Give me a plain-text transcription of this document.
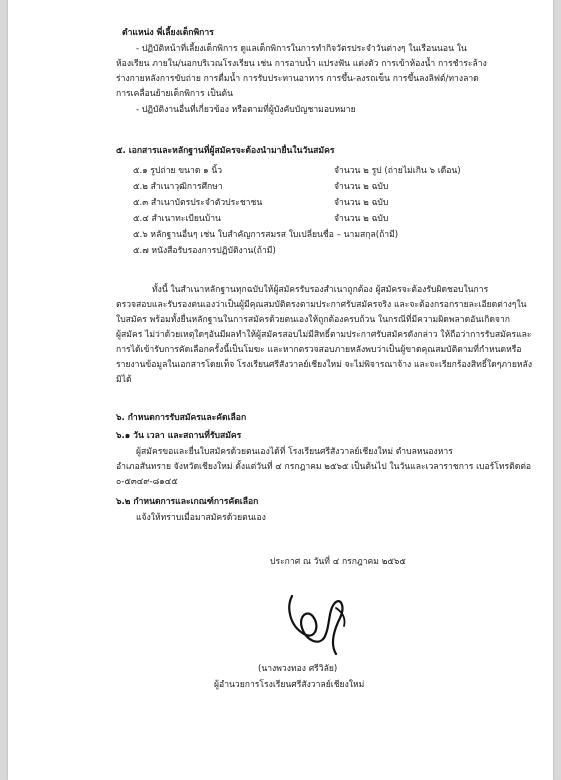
ตำแหน่ง พี่เลี้ยงเด็กพิการ
- ปฏิบัติหน้าที่เลี้ยงเด็กพิการ ดูแลเด็กพิการในการทำกิจวัตรประจำวันต่างๆ ในเรือนนอน ใน
ห้องเรียน ภายใน/นอกบริเวณโรงเรียน เช่น การอาบน้ำ แปรงฟัน แต่งตัว การเข้าห้องน้ำ การชำระล้าง
ร่างกายหลังการขับถ่าย การดื่มน้ำ การรับประทานอาหาร การขึ้น-ลงรถเข็น การขึ้นลงลิฟต์/ทางลาด
การเคลื่อนย้ายเด็กพิการ เป็นต้น
- ปฏิบัติงานอื่นที่เกี่ยวข้อง หรือตามที่ผู้บังคับบัญชามอบหมาย
๕. เอกสารและหลักฐานที่ผู้สมัครจะต้องนำมายื่นในวันสมัคร
๕.๑ รูปถ่าย ขนาด ๑ นิ้ว	จำนวน ๒ รูป (ถ่ายไม่เกิน ๖ เดือน)
๕.๒ สำเนาวุฒิการศึกษา	จำนวน ๒ ฉบับ
๕.๓ สำเนาบัตรประจำตัวประชาชน	จำนวน ๒ ฉบับ
๕.๔ สำเนาทะเบียนบ้าน	จำนวน ๒ ฉบับ
๕.๖ หลักฐานอื่นๆ เช่น ใบสำคัญการสมรส ใบเปลี่ยนชื่อ – นามสกุล(ถ้ามี)
๕.๗ หนังสือรับรองการปฏิบัติงาน(ถ้ามี)
ทั้งนี้ ในสำเนาหลักฐานทุกฉบับให้ผู้สมัครรับรองสำเนาถูกต้อง ผู้สมัครจะต้องรับผิดชอบในการ
ตรวจสอบและรับรองตนเองว่าเป็นผู้มีคุณสมบัติตรงตามประกาศรับสมัครจริง และจะต้องกรอกรายละเอียดต่างๆใน
ใบสมัคร พร้อมทั้งยื่นหลักฐานในการสมัครด้วยตนเองให้ถูกต้องครบถ้วน ในกรณีที่มีความผิดพลาดอันเกิดจาก
ผู้สมัคร ไม่ว่าด้วยเหตุใดๆอันมีผลทำให้ผู้สมัครสอบไม่มีสิทธิ์ตามประกาศรับสมัครดังกล่าว ให้ถือว่าการรับสมัครและ
การได้เข้ารับการคัดเลือกครั้งนี้เป็นโมฆะ และหากตรวจสอบภายหลังพบว่าเป็นผู้ขาดคุณสมบัติตามที่กำหนดหรือ
รายงานข้อมูลในเอกสารโดยเท็จ โรงเรียนศรีสังวาลย์เชียงใหม่ จะไม่พิจารณาจ้าง และจะเรียกร้องสิทธิ์ใดๆภายหลัง
มิได้
๖. กำหนดการรับสมัครและคัดเลือก
๖.๑ วัน เวลา และสถานที่รับสมัคร
ผู้สมัครขอและยื่นใบสมัครด้วยตนเองได้ที่ โรงเรียนศรีสังวาลย์เชียงใหม่ ตำบลหนองหาร
อำเภอสันทราย จังหวัดเชียงใหม่ ตั้งแต่วันที่ ๔ กรกฎาคม ๒๕๖๕ เป็นต้นไป ในวันและเวลาราชการ เบอร์โทรติดต่อ
๐-๕๓๔๙-๘๑๔๕
๖.๒ กำหนดการและเกณฑ์การคัดเลือก
แจ้งให้ทราบเมื่อมาสมัครด้วยตนเอง
ประกาศ ณ วันที่ ๔ กรกฎาคม ๒๕๖๕
(นางพวงทอง ศรีวิลัย)
ผู้อำนวยการโรงเรียนศรีสังวาลย์เชียงใหม่
